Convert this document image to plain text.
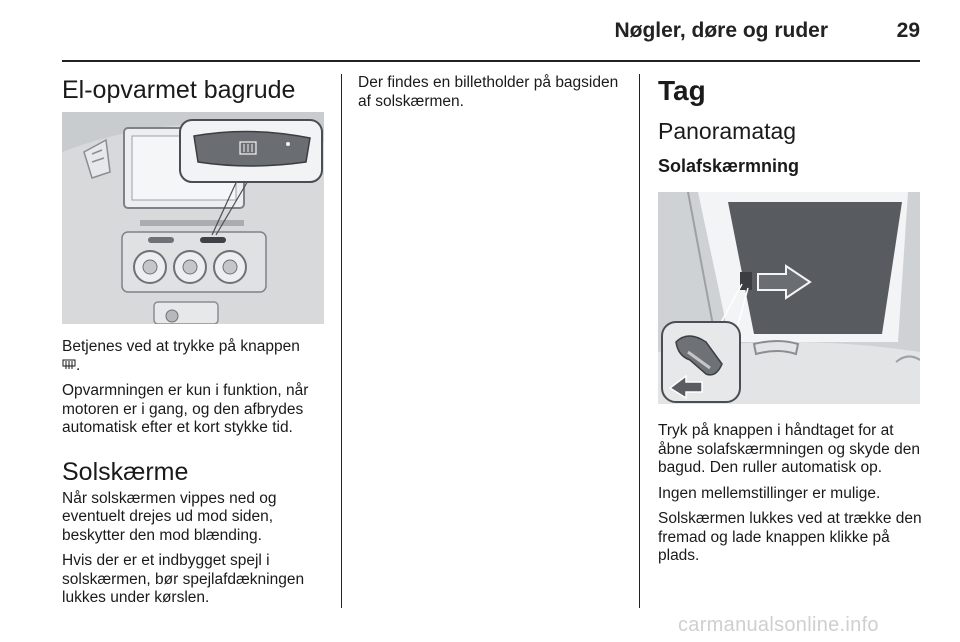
Nøgler, døre og ruder	29
El-opvarmet bagrude

Betjenes ved at trykke på knappen
.

Opvarmningen er kun i funktion, når motoren er i gang, og den afbrydes automatisk efter et kort stykke tid.

Solskærme

Når solskærmen vippes ned og eventuelt drejes ud mod siden, beskytter den mod blænding.

Hvis der er et indbygget spejl i solskærmen, bør spejlafdækningen lukkes under kørslen.

Der findes en billetholder på bagsiden af solskærmen.	Tag
Panoramatag
Solafskærmning

Tryk på knappen i håndtaget for at åbne solafskærmningen og skyde den bagud. Den ruller automatisk op.

Ingen mellemstillinger er mulige.

Solskærmen lukkes ved at trække den fremad og lade knappen klikke på plads.

carmanualsonline.info
